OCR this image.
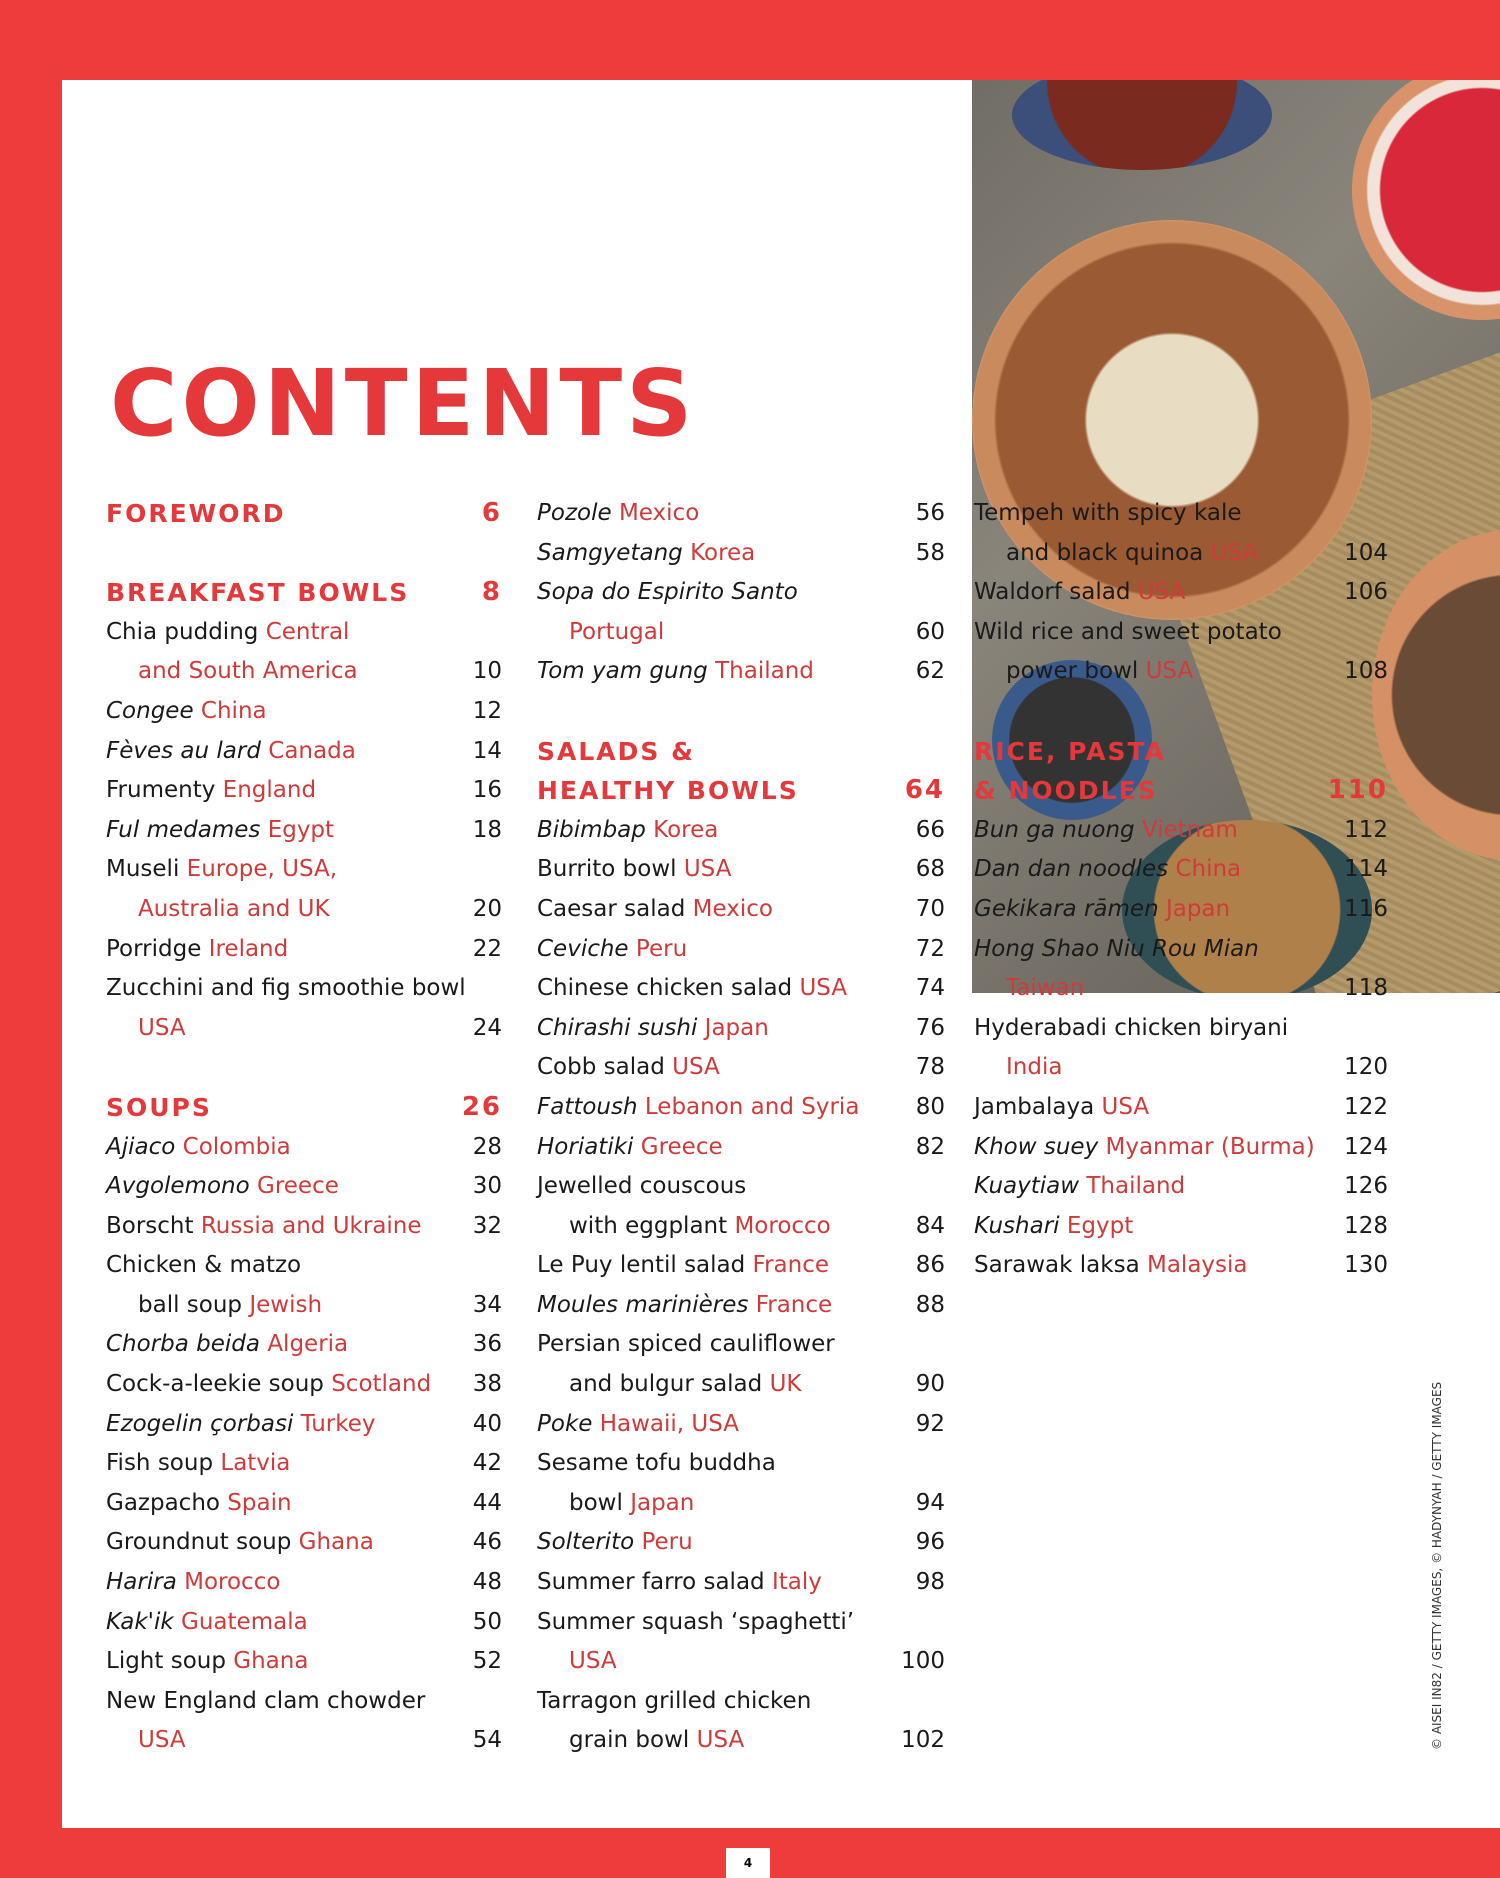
CONTENTS
FOREWORD	6
BREAKFAST BOWLS	8
Chia pudding Central
and South America	10
Congee China	12
Fèves au lard Canada	14
Frumenty England	16
Ful medames Egypt	18
Museli Europe, USA,
Australia and UK	20
Porridge Ireland	22
Zucchini and fig smoothie bowl
USA	24
SOUPS	26
Ajiaco Colombia	28
Avgolemono Greece	30
Borscht Russia and Ukraine 32
Chicken & matzo
ball soup Jewish	34
Chorba beida Algeria	36
Cock-a-leekie soup Scotland 38
Ezogelin çorbasi Turkey	40
Fish soup Latvia	42
Gazpacho Spain	44
Groundnut soup Ghana	46
Harira Morocco	48
Kak'ik Guatemala	50
Light soup Ghana	52
New England clam chowder
USA	54
Pozole Mexico	56
Samgyetang Korea	58
Sopa do Espirito Santo
Portugal	60
Tom yam gung Thailand	62
SALADS &
HEALTHY BOWLS	64
Bibimbap Korea	66
Burrito bowl USA	68
Caesar salad Mexico	70
Ceviche Peru	72
Chinese chicken salad USA	74
Chirashi sushi Japan	76
Cobb salad USA	78
Fattoush Lebanon and Syria 80
Horiatiki Greece	82
Jewelled couscous
with eggplant Morocco	84
Le Puy lentil salad France	86
Moules marinières France	88
Persian spiced cauliflower
and bulgur salad UK	90
Poke Hawaii, USA	92
Sesame tofu buddha
bowl Japan	94
Solterito Peru	96
Summer farro salad Italy	98
Summer squash ‘spaghetti’
USA	100
Tarragon grilled chicken
grain bowl USA	102
Tempeh with spicy kale
and black quinoa USA	104
Waldorf salad USA	106
Wild rice and sweet potato
power bowl USA	108
RICE, PASTA
& NOODLES	110
Bun ga nuong Vietnam	112
Dan dan noodles China	114
Gekikara rāmen Japan	116
Hong Shao Niu Rou Mian
Taiwan	118
Hyderabadi chicken biryani
India	120
Jambalaya USA	122
Khow suey Myanmar (Burma) 124
Kuaytiaw Thailand	126
Kushari Egypt	128
Sarawak laksa Malaysia	130
© AISEI IN82 / GETTY IMAGES, © HADYNYAH / GETTY IMAGES
4
